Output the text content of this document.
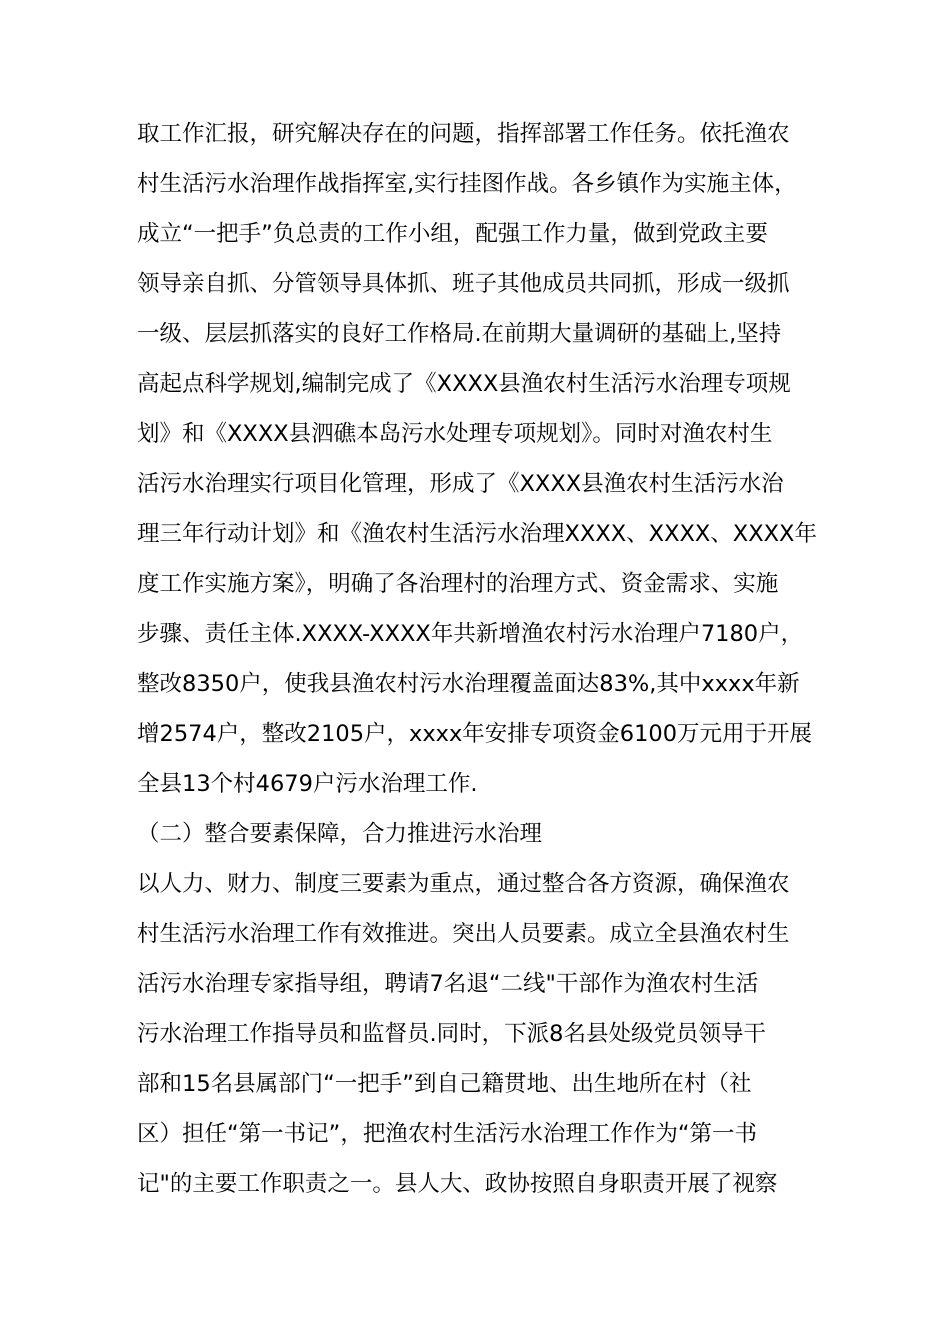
取工作汇报，研究解决存在的问题，指挥部署工作任务。依托渔农
村生活污水治理作战指挥室,实行挂图作战。各乡镇作为实施主体，
成立“一把手”负总责的工作小组，配强工作力量，做到党政主要
领导亲自抓、分管领导具体抓、班子其他成员共同抓，形成一级抓
一级、层层抓落实的良好工作格局.在前期大量调研的基础上,坚持
高起点科学规划,编制完成了《XXXX县渔农村生活污水治理专项规
划》和《XXXX县泗礁本岛污水处理专项规划》。同时对渔农村生
活污水治理实行项目化管理，形成了《XXXX县渔农村生活污水治
理三年行动计划》和《渔农村生活污水治理XXXX、XXXX、XXXX年
度工作实施方案》，明确了各治理村的治理方式、资金需求、实施
步骤、责任主体.XXXX-XXXX年共新增渔农村污水治理户7180户，
整改8350户，使我县渔农村污水治理覆盖面达83%,其中xxxx年新
增2574户，整改2105户，xxxx年安排专项资金6100万元用于开展
全县13个村4679户污水治理工作.
（二）整合要素保障，合力推进污水治理
以人力、财力、制度三要素为重点，通过整合各方资源，确保渔农
村生活污水治理工作有效推进。突出人员要素。成立全县渔农村生
活污水治理专家指导组，聘请7名退“二线"干部作为渔农村生活
污水治理工作指导员和监督员.同时，下派8名县处级党员领导干
部和15名县属部门“一把手”到自己籍贯地、出生地所在村（社
区）担任“第一书记”，把渔农村生活污水治理工作作为“第一书
记"的主要工作职责之一。县人大、政协按照自身职责开展了视察
